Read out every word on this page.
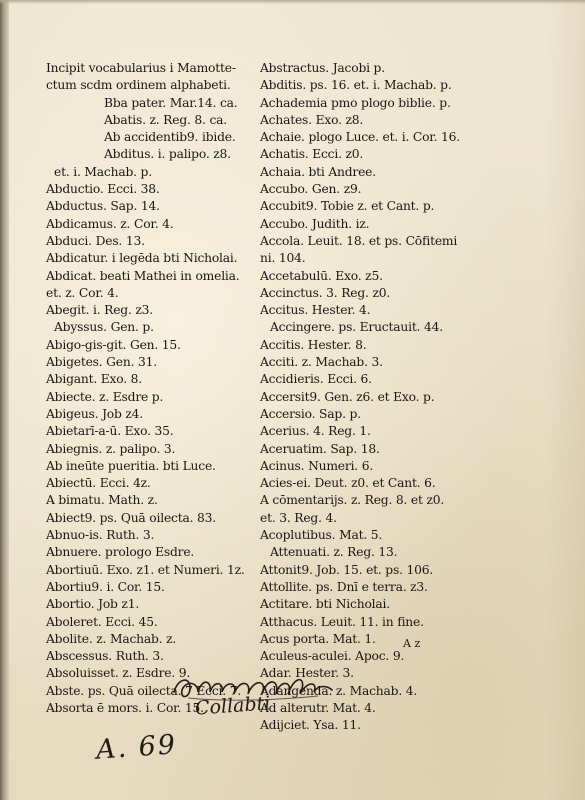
Incipit vocabularius i Mamotte-
ctum scdm ordinem alphabeti.
Bba pater. Mar.14. ca.
Abatis. z. Reg. 8. ca.
Ab accidentib9. ibide.
Abditus. i. palipo. z8.
et. i. Machab. p.
Abductio. Ecci. 38.
Abductus. Sap. 14.
Abdicamus. z. Cor. 4.
Abduci. Des. 13.
Abdicatur. i legēda bti Nicholai.
Abdicat. beati Mathei in omelia.
et. z. Cor. 4.
Abegit. i. Reg. z3.
Abyssus. Gen. p.
Abigo-gis-git. Gen. 15.
Abigetes. Gen. 31.
Abigant. Exo. 8.
Abiecte. z. Esdre p.
Abigeus. Job z4.
Abietarī-a-ū. Exo. 35.
Abiegnis. z. palipo. 3.
Ab ineūte pueritia. bti Luce.
Abiectū. Ecci. 4z.
A bimatu. Math. z.
Abiect9. ps. Quā oilecta. 83.
Abnuo-is. Ruth. 3.
Abnuere. prologo Esdre.
Abortiuū. Exo. z1. et Numeri. 1z.
Abortiu9. i. Cor. 15.
Abortio. Job z1.
Aboleret. Ecci. 45.
Abolite. z. Machab. z.
Abscessus. Ruth. 3.
Absoluisset. z. Esdre. 9.
Abste. ps. Quā oilecta. 7 Ecci. 7.
Absorta ē mors. i. Cor. 15.
Abstractus. Jacobi p.
Abditis. ps. 16. et. i. Machab. p.
Achademia pmo plogo biblie. p.
Achates. Exo. z8.
Achaie. plogo Luce. et. i. Cor. 16.
Achatis. Ecci. z0.
Achaia. bti Andree.
Accubo. Gen. z9.
Accubit9. Tobie z. et Cant. p.
Accubo. Judith. iz.
Accola. Leuit. 18. et ps. Cōfitemi
ni. 104.
Accetabulū. Exo. z5.
Accinctus. 3. Reg. z0.
Accitus. Hester. 4.
Accingere. ps. Eructauit. 44.
Accitis. Hester. 8.
Acciti. z. Machab. 3.
Accidieris. Ecci. 6.
Accersit9. Gen. z6. et Exo. p.
Accersio. Sap. p.
Acerius. 4. Reg. 1.
Aceruatim. Sap. 18.
Acinus. Numeri. 6.
Acies-ei. Deut. z0. et Cant. 6.
A cōmentarijs. z. Reg. 8. et z0.
et. 3. Reg. 4.
Acoplutibus. Mat. 5.
Attenuati. z. Reg. 13.
Attonit9. Job. 15. et. ps. 106.
Attollite. ps. Dnī e terra. z3.
Actitare. bti Nicholai.
Atthacus. Leuit. 11. in fine.
Acus porta. Mat. 1.
Aculeus-aculei. Apoc. 9.
Adar. Hester. 3.
Adangenda. z. Machab. 4.
Ad alterutr. Mat. 4.
Adijciet. Ysa. 11.
A z
Collabti
A. 69
